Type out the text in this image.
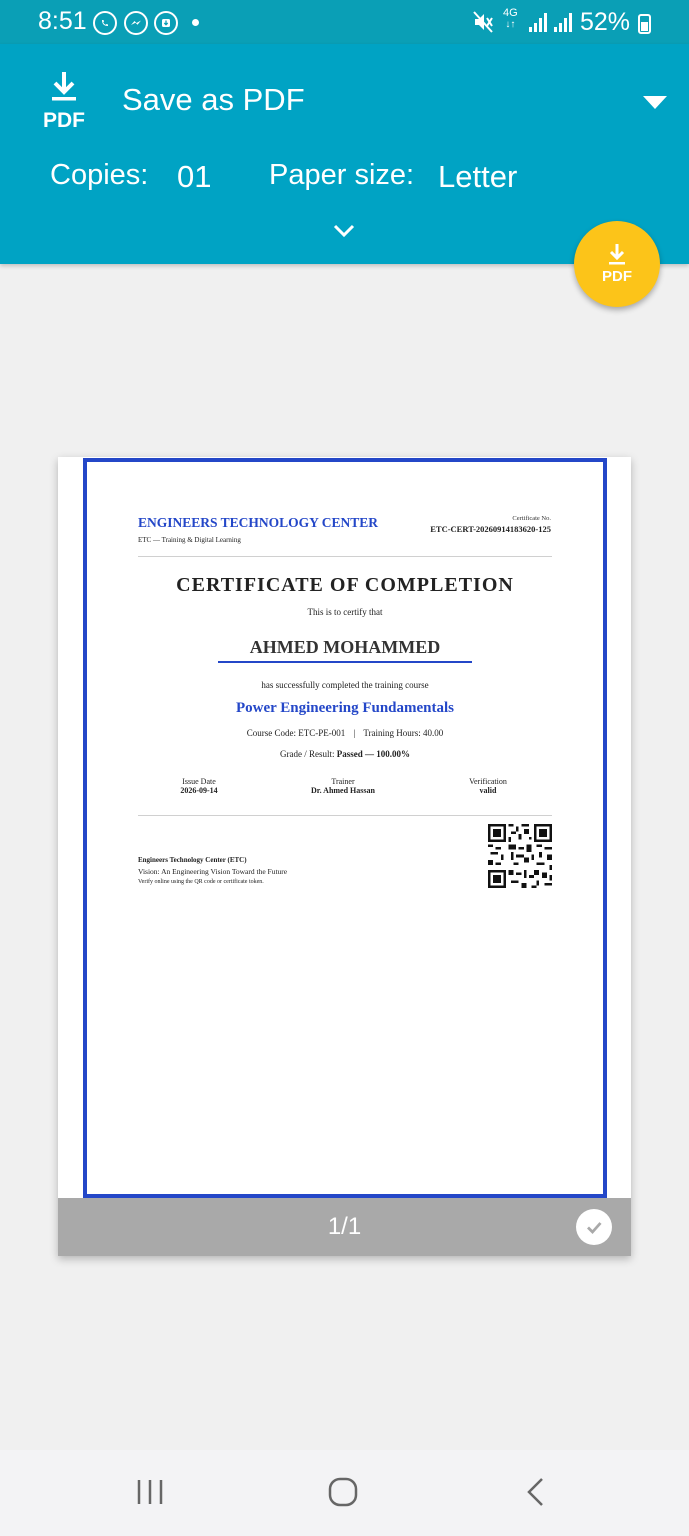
8:51	4G
↓↑	52%
PDF
Save as PDF
Copies: 01 Paper size: Letter
PDF
ENGINEERS TECHNOLOGY CENTER
ETC — Training & Digital Learning
Certificate No.
ETC-CERT-20260914183620-125
CERTIFICATE OF COMPLETION
This is to certify that
AHMED MOHAMMED
has successfully completed the training course
Power Engineering Fundamentals
Course Code: ETC-PE-001 | Training Hours: 40.00
Grade / Result: Passed — 100.00%
Issue Date
2026-09-14
Trainer
Dr. Ahmed Hassan
Verification
valid
Engineers Technology Center (ETC)
Vision: An Engineering Vision Toward the Future
Verify online using the QR code or certificate token.
1/1
